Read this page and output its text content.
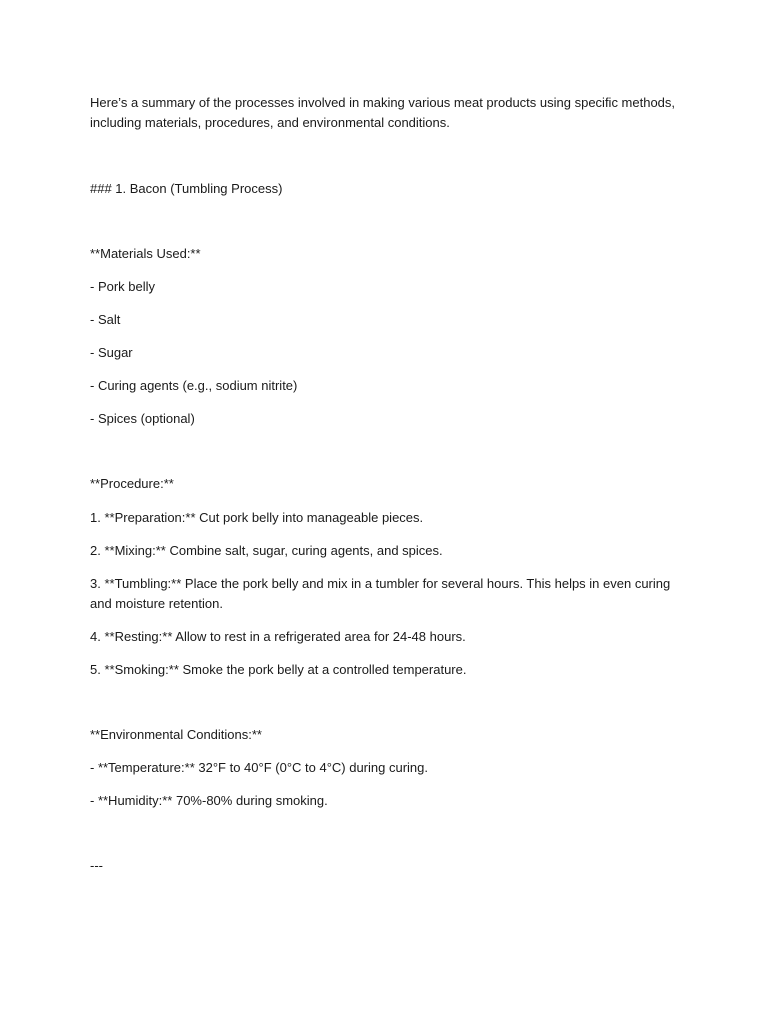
Here’s a summary of the processes involved in making various meat products using specific methods, including materials, procedures, and environmental conditions.

### 1. Bacon (Tumbling Process)

**Materials Used:**

- Pork belly

- Salt

- Sugar

- Curing agents (e.g., sodium nitrite)

- Spices (optional)

**Procedure:**

1. **Preparation:** Cut pork belly into manageable pieces.

2. **Mixing:** Combine salt, sugar, curing agents, and spices.

3. **Tumbling:** Place the pork belly and mix in a tumbler for several hours. This helps in even curing and moisture retention.

4. **Resting:** Allow to rest in a refrigerated area for 24-48 hours.

5. **Smoking:** Smoke the pork belly at a controlled temperature.

**Environmental Conditions:**

- **Temperature:** 32°F to 40°F (0°C to 4°C) during curing.

- **Humidity:** 70%-80% during smoking.

---
